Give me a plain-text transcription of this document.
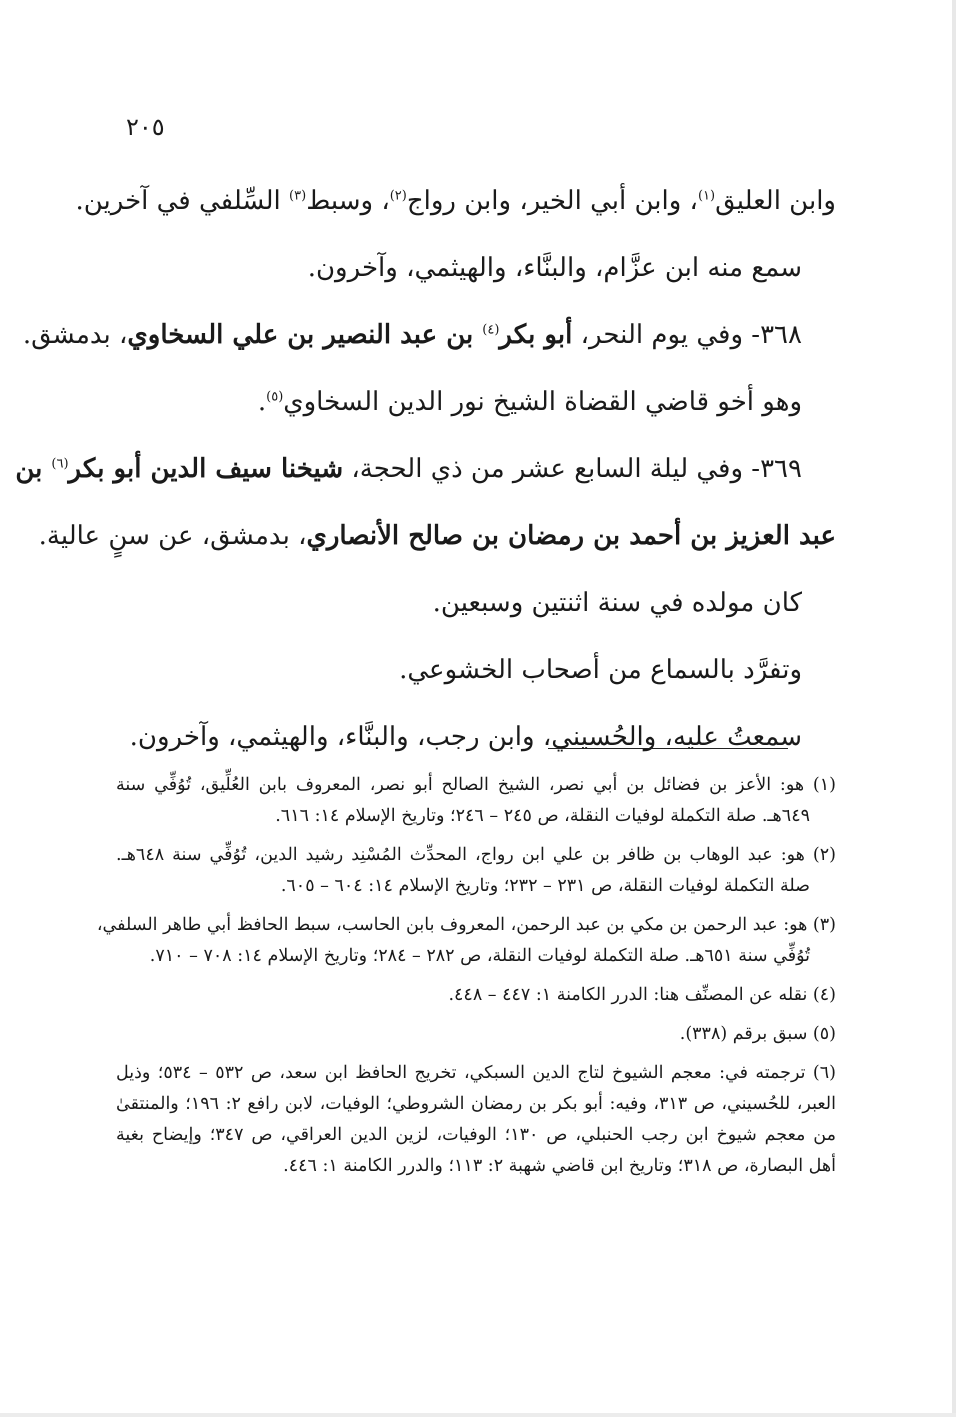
٢٠٥
وابن العليق$^{(١)}$، وابن أبي الخير، وابن رواج$^{(٢)}$، وسبط$^{(٣)}$ السِّلفي في آخرين.
سمع منه ابن عزَّام، والبنَّاء، والهيثمي، وآخرون.
٣٦٨- وفي يوم النحر، أبو بكر$^{(٤)}$ بن عبد النصير بن علي السخاوي، بدمشق.
وهو أخو قاضي القضاة الشيخ نور الدين السخاوي$^{(٥)}$.
٣٦٩- وفي ليلة السابع عشر من ذي الحجة، شيخنا سيف الدين أبو بكر$^{(٦)}$ بن
عبد العزيز بن أحمد بن رمضان بن صالح الأنصاري، بدمشق، عن سنٍ عالية.
كان مولده في سنة اثنتين وسبعين.
وتفرَّد بالسماع من أصحاب الخشوعي.
سمعتُ عليه، والحُسيني، وابن رجب، والبنَّاء، والهيثمي، وآخرون.
(١) هو: الأعز بن فضائل بن أبي نصر، الشيخ الصالح أبو نصر، المعروف بابن العُلِّيق، تُوُفِّي سنة
٦٤٩هـ. صلة التكملة لوفيات النقلة، ص ٢٤٥ – ٢٤٦؛ وتاريخ الإسلام ١٤: ٦١٦.
(٢) هو: عبد الوهاب بن ظافر بن علي ابن رواج، المحدِّث المُسْنِد رشيد الدين، تُوُفِّي سنة ٦٤٨هـ.
صلة التكملة لوفيات النقلة، ص ٢٣١ – ٢٣٢؛ وتاريخ الإسلام ١٤: ٦٠٤ – ٦٠٥.
(٣) هو: عبد الرحمن بن مكي بن عبد الرحمن، المعروف بابن الحاسب، سبط الحافظ أبي طاهر السلفي،
تُوُفِّي سنة ٦٥١هـ. صلة التكملة لوفيات النقلة، ص ٢٨٢ – ٢٨٤؛ وتاريخ الإسلام ١٤: ٧٠٨ – ٧١٠.
(٤) نقله عن المصنِّف هنا: الدرر الكامنة ١: ٤٤٧ – ٤٤٨.
(٥) سبق برقم (٣٣٨).
(٦) ترجمته في: معجم الشيوخ لتاج الدين السبكي، تخريج الحافظ ابن سعد، ص ٥٣٢ – ٥٣٤؛ وذيل
العبر، للحُسيني، ص ٣١٣، وفيه: أبو بكر بن رمضان الشروطي؛ الوفيات، لابن رافع ٢: ١٩٦؛ والمنتقىٰ
من معجم شيوخ ابن رجب الحنبلي، ص ١٣٠؛ الوفيات، لزين الدين العراقي، ص ٣٤٧؛ وإيضاح بغية
أهل البصارة، ص ٣١٨؛ وتاريخ ابن قاضي شهبة ٢: ١١٣؛ والدرر الكامنة ١: ٤٤٦.
